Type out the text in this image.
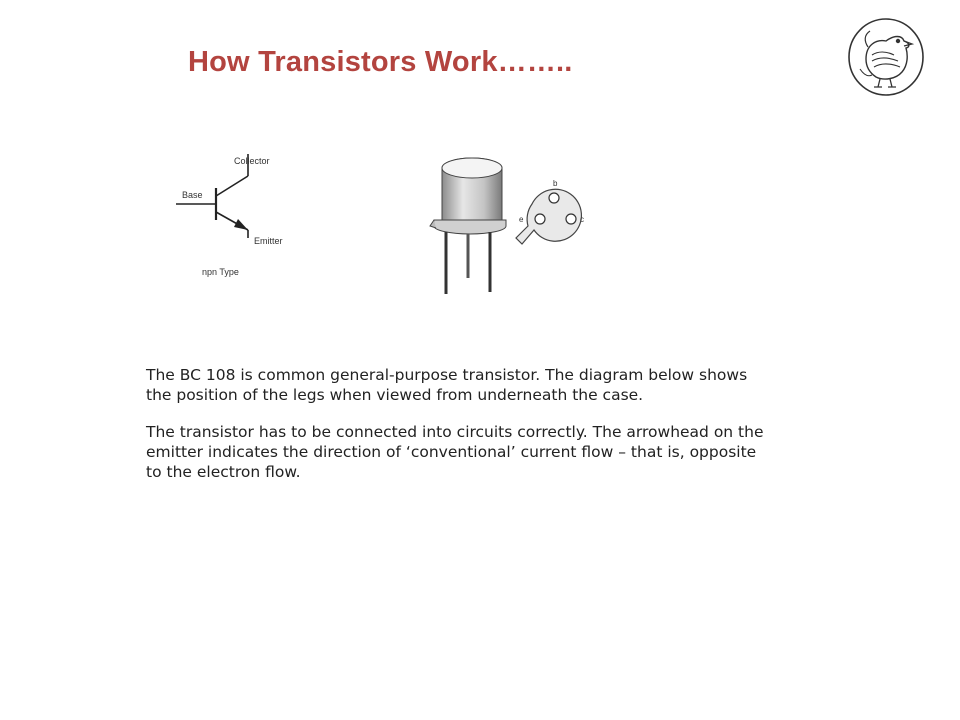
How Transistors Work……..
Collector
Base
Emitter
npn Type
b
e	c

The BC 108 is common general-purpose transistor. The diagram below shows the position of the legs when viewed from underneath the case.

The transistor has to be connected into circuits correctly. The arrowhead on the emitter indicates the direction of ‘conventional’ current flow – that is, opposite to the electron flow.
